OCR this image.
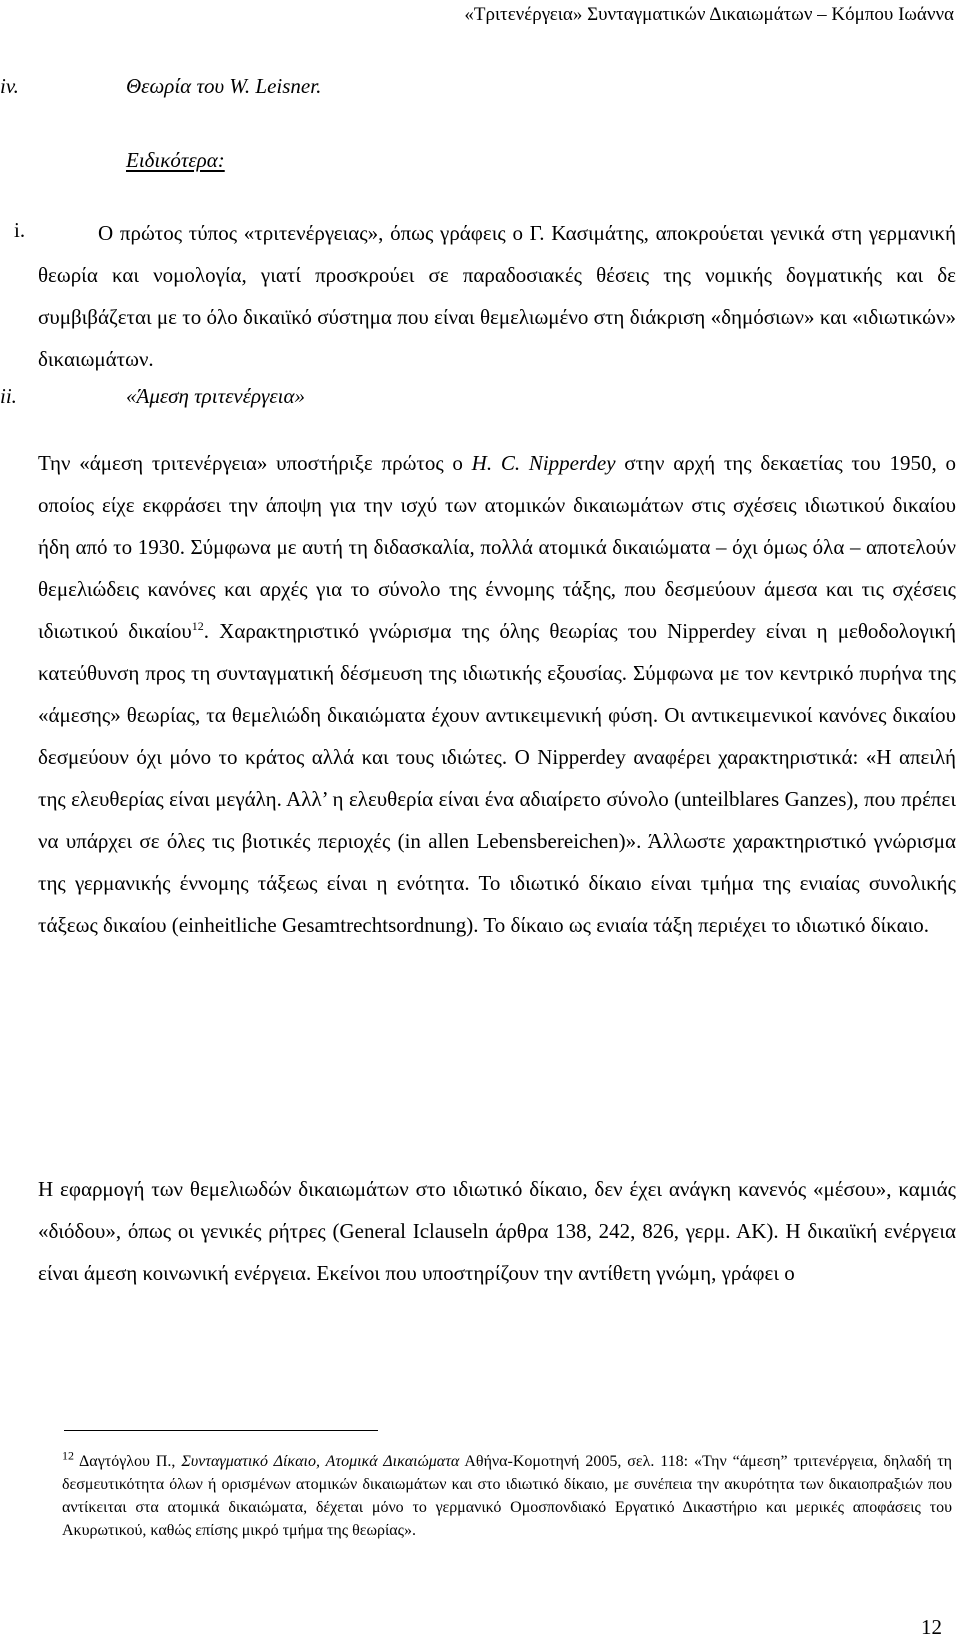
«Τριτενέργεια» Συνταγματικών Δικαιωμάτων – Κόμπου Ιωάννα
iv.	Θεωρία του W. Leisner.
Ειδικότερα:
i.	Ο πρώτος τύπος «τριτενέργειας», όπως γράφεις ο Γ. Κασιμάτης, αποκρούεται γενικά στη γερμανική θεωρία και νομολογία, γιατί προσκρούει σε παραδοσιακές θέσεις της νομικής δογματικής και δε συμβιβάζεται με το όλο δικαιϊκό σύστημα που είναι θεμελιωμένο στη διάκριση «δημόσιων» και «ιδιωτικών» δικαιωμάτων.
ii.	«Άμεση τριτενέργεια»
Την «άμεση τριτενέργεια» υποστήριξε πρώτος ο H. C. Nipperdey στην αρχή της δεκαετίας του 1950, ο οποίος είχε εκφράσει την άποψη για την ισχύ των ατομικών δικαιωμάτων στις σχέσεις ιδιωτικού δικαίου ήδη από το 1930. Σύμφωνα με αυτή τη διδασκαλία, πολλά ατομικά δικαιώματα – όχι όμως όλα – αποτελούν θεμελιώδεις κανόνες και αρχές για το σύνολο της έννομης τάξης, που δεσμεύουν άμεσα και τις σχέσεις ιδιωτικού δικαίου$^{12}$. Χαρακτηριστικό γνώρισμα της όλης θεωρίας του Nipperdey είναι η μεθοδολογική κατεύθυνση προς τη συνταγματική δέσμευση της ιδιωτικής εξουσίας. Σύμφωνα με τον κεντρικό πυρήνα της «άμεσης» θεωρίας, τα θεμελιώδη δικαιώματα έχουν αντικειμενική φύση. Οι αντικειμενικοί κανόνες δικαίου δεσμεύουν όχι μόνο το κράτος αλλά και τους ιδιώτες. Ο Nipperdey αναφέρει χαρακτηριστικά: «Η απειλή της ελευθερίας είναι μεγάλη. Αλλ’ η ελευθερία είναι ένα αδιαίρετο σύνολο (unteilblares Ganzes), που πρέπει να υπάρχει σε όλες τις βιοτικές περιοχές (in allen Lebensbereichen)». Άλλωστε χαρακτηριστικό γνώρισμα της γερμανικής έννομης τάξεως είναι η ενότητα. Το ιδιωτικό δίκαιο είναι τμήμα της ενιαίας συνολικής τάξεως δικαίου (einheitliche Gesamtrechtsordnung). Το δίκαιο ως ενιαία τάξη περιέχει το ιδιωτικό δίκαιο.
Η εφαρμογή των θεμελιωδών δικαιωμάτων στο ιδιωτικό δίκαιο, δεν έχει ανάγκη κανενός «μέσου», καμιάς «διόδου», όπως οι γενικές ρήτρες (General Iclauseln άρθρα 138, 242, 826, γερμ. ΑΚ). Η δικαιϊκή ενέργεια είναι άμεση κοινωνική ενέργεια. Εκείνοι που υποστηρίζουν την αντίθετη γνώμη, γράφει ο
$^{12}$ Δαγτόγλου Π., Συνταγματικό Δίκαιο, Ατομικά Δικαιώματα Αθήνα-Κομοτηνή 2005, σελ. 118: «Την “άμεση” τριτενέργεια, δηλαδή τη δεσμευτικότητα όλων ή ορισμένων ατομικών δικαιωμάτων και στο ιδιωτικό δίκαιο, με συνέπεια την ακυρότητα των δικαιοπραξιών που αντίκειται στα ατομικά δικαιώματα, δέχεται μόνο το γερμανικό Ομοσπονδιακό Εργατικό Δικαστήριο και μερικές αποφάσεις του Ακυρωτικού, καθώς επίσης μικρό τμήμα της θεωρίας».
12
